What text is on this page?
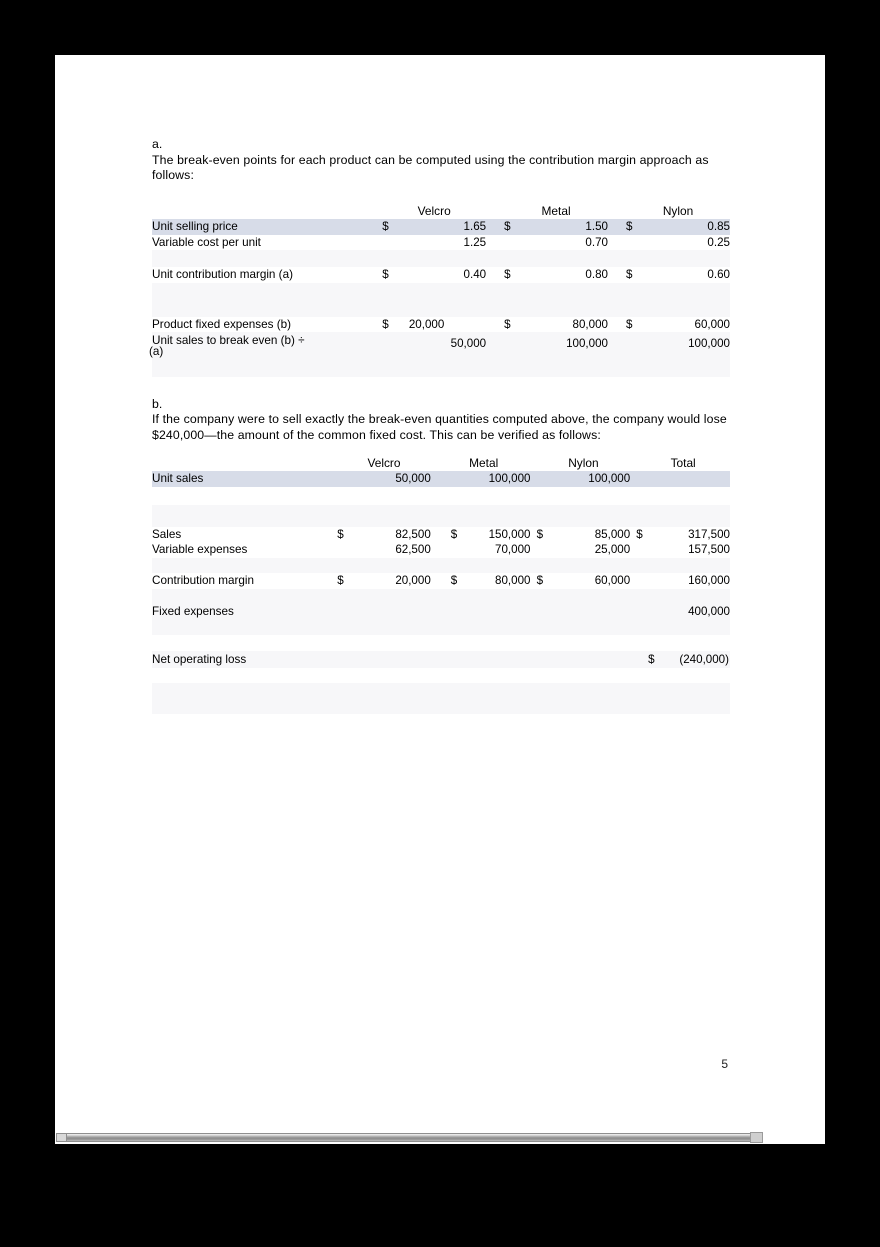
a.
The break-even points for each product can be computed using the contribution margin approach as
follows:
	Velcro			Metal			Nylon	
Unit selling price	$	1.65		$	1.50		$	0.85
Variable cost per unit		1.25			0.70			0.25

Unit contribution margin (a)	$	0.40		$	0.80		$	0.60

Product fixed expenses (b)	$	20,000		$	80,000		$	60,000
Unit sales to break even (b) ÷
(a)		50,000			100,000			100,000

b.
If the company were to sell exactly the break-even quantities computed above, the company would lose
$240,000—the amount of the common fixed cost. This can be verified as follows:
	Velcro			Metal			Nylon			Total	
Unit sales		50,000			100,000			100,000			

Sales	$	82,500		$	150,000		$	85,000		$	317,500
Variable expenses		62,500			70,000			25,000			157,500

Contribution margin	$	20,000		$	80,000		$	60,000			160,000

Fixed expenses											400,000

Net operating loss										$	(240,000)

5
